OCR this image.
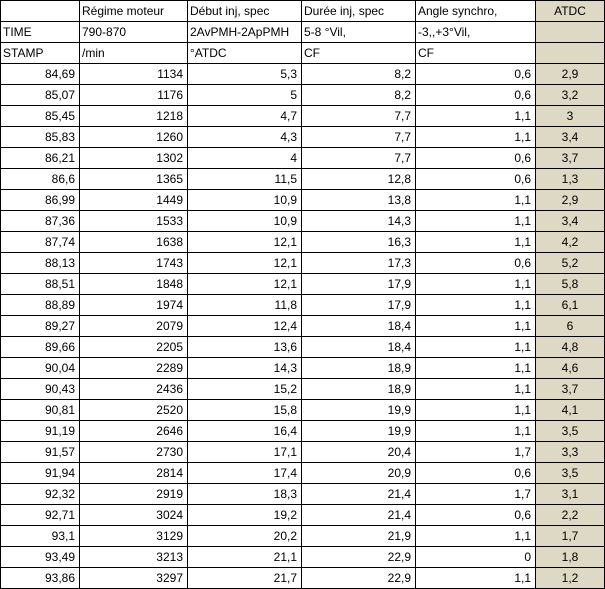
	Régime moteur	Début inj, spec	Durée inj, spec	Angle synchro,	ATDC
TIME	790-870	2AvPMH-2ApPMH	5-8 °Vil,	-3,,+3°Vil,	
STAMP	/min	°ATDC	CF	CF	
84,69	1134	5,3	8,2	0,6	2,9
85,07	1176	5	8,2	0,6	3,2
85,45	1218	4,7	7,7	1,1	3
85,83	1260	4,3	7,7	1,1	3,4
86,21	1302	4	7,7	0,6	3,7
86,6	1365	11,5	12,8	0,6	1,3
86,99	1449	10,9	13,8	1,1	2,9
87,36	1533	10,9	14,3	1,1	3,4
87,74	1638	12,1	16,3	1,1	4,2
88,13	1743	12,1	17,3	0,6	5,2
88,51	1848	12,1	17,9	1,1	5,8
88,89	1974	11,8	17,9	1,1	6,1
89,27	2079	12,4	18,4	1,1	6
89,66	2205	13,6	18,4	1,1	4,8
90,04	2289	14,3	18,9	1,1	4,6
90,43	2436	15,2	18,9	1,1	3,7
90,81	2520	15,8	19,9	1,1	4,1
91,19	2646	16,4	19,9	1,1	3,5
91,57	2730	17,1	20,4	1,7	3,3
91,94	2814	17,4	20,9	0,6	3,5
92,32	2919	18,3	21,4	1,7	3,1
92,71	3024	19,2	21,4	0,6	2,2
93,1	3129	20,2	21,9	1,1	1,7
93,49	3213	21,1	22,9	0	1,8
93,86	3297	21,7	22,9	1,1	1,2
